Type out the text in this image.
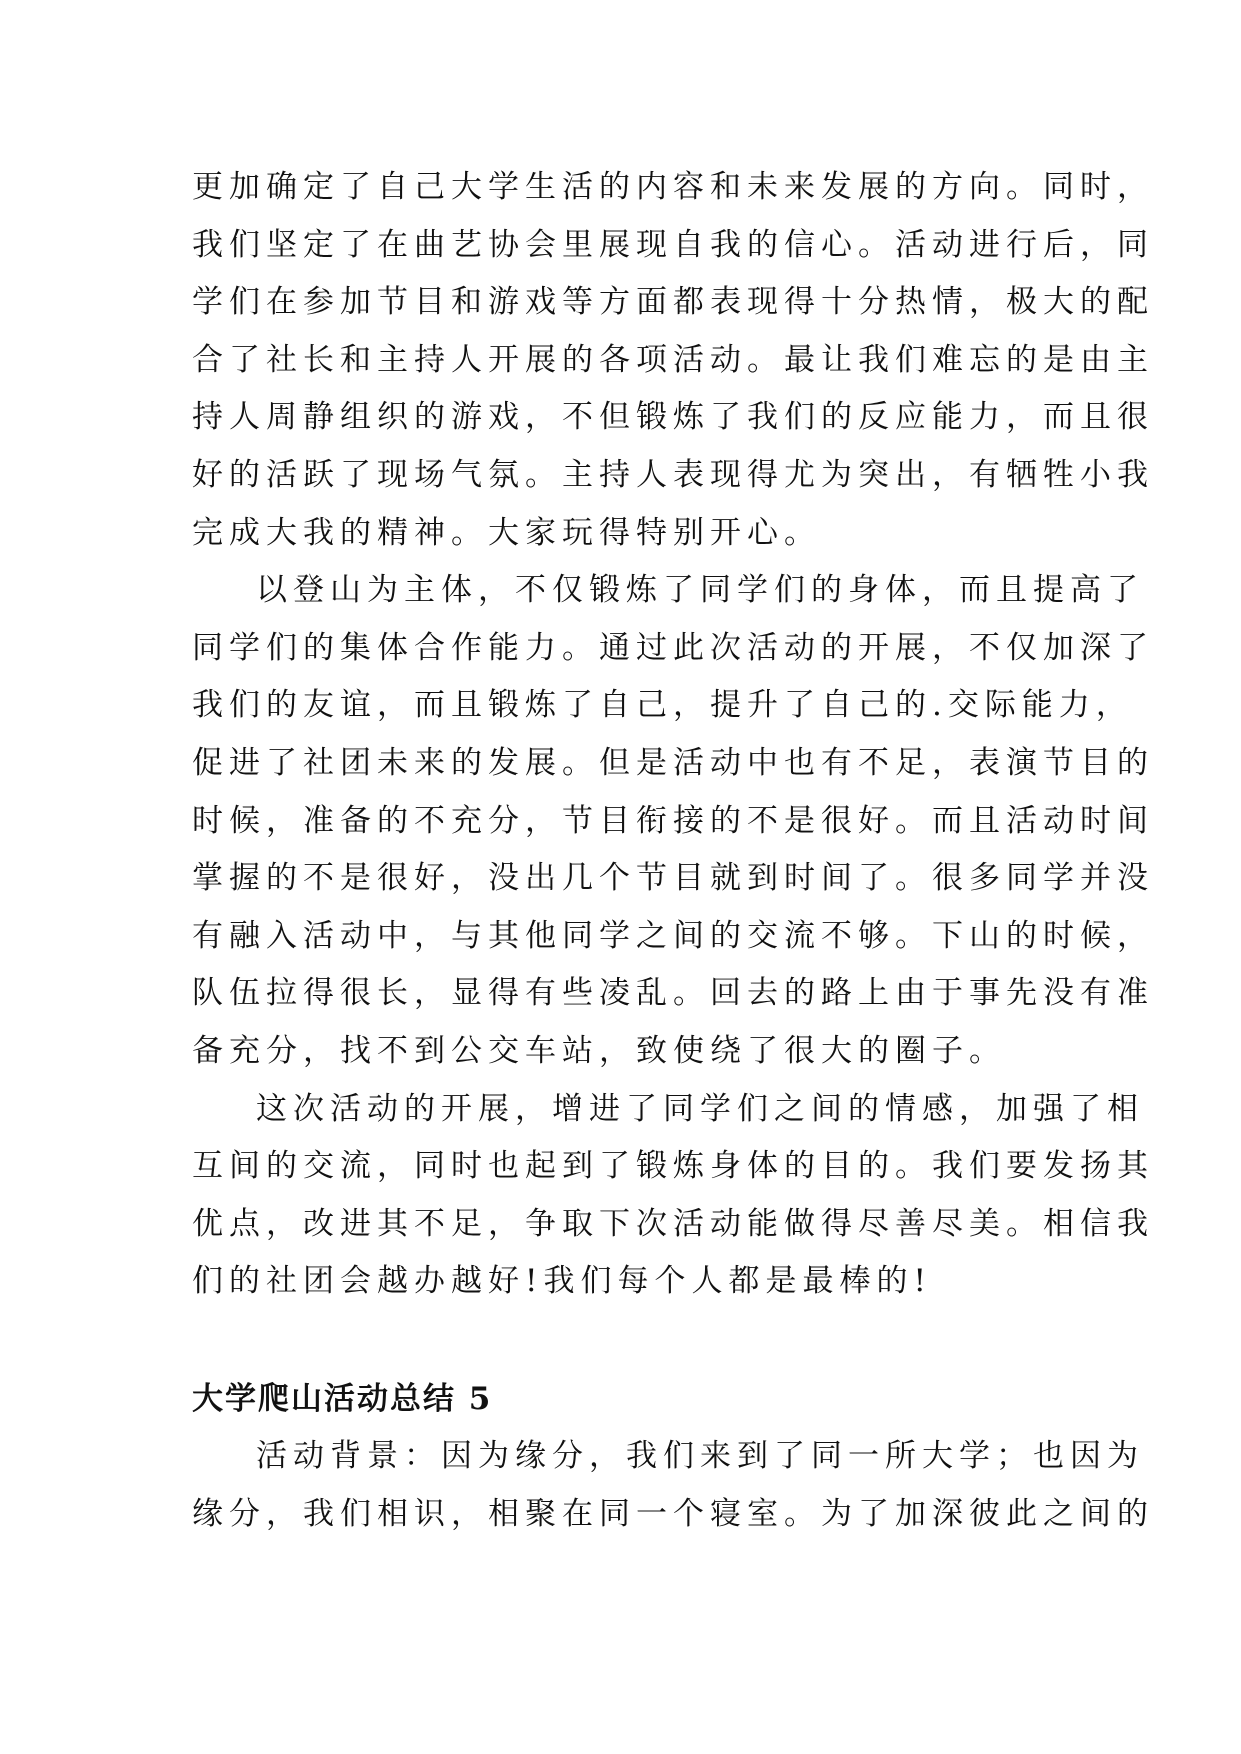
更加确定了自己大学生活的内容和未来发展的方向。同时，
我们坚定了在曲艺协会里展现自我的信心。活动进行后，同
学们在参加节目和游戏等方面都表现得十分热情，极大的配
合了社长和主持人开展的各项活动。最让我们难忘的是由主
持人周静组织的游戏，不但锻炼了我们的反应能力，而且很
好的活跃了现场气氛。主持人表现得尤为突出，有牺牲小我
完成大我的精神。大家玩得特别开心。

以登山为主体，不仅锻炼了同学们的身体，而且提高了
同学们的集体合作能力。通过此次活动的开展，不仅加深了
我们的友谊，而且锻炼了自己，提升了自己的.交际能力，
促进了社团未来的发展。但是活动中也有不足，表演节目的
时候，准备的不充分，节目衔接的不是很好。而且活动时间
掌握的不是很好，没出几个节目就到时间了。很多同学并没
有融入活动中，与其他同学之间的交流不够。下山的时候，
队伍拉得很长，显得有些凌乱。回去的路上由于事先没有准
备充分，找不到公交车站，致使绕了很大的圈子。

这次活动的开展，增进了同学们之间的情感，加强了相
互间的交流，同时也起到了锻炼身体的目的。我们要发扬其
优点，改进其不足，争取下次活动能做得尽善尽美。相信我
们的社团会越办越好!我们每个人都是最棒的!

大学爬山活动总结 5

活动背景：因为缘分，我们来到了同一所大学；也因为
缘分，我们相识，相聚在同一个寝室。为了加深彼此之间的
